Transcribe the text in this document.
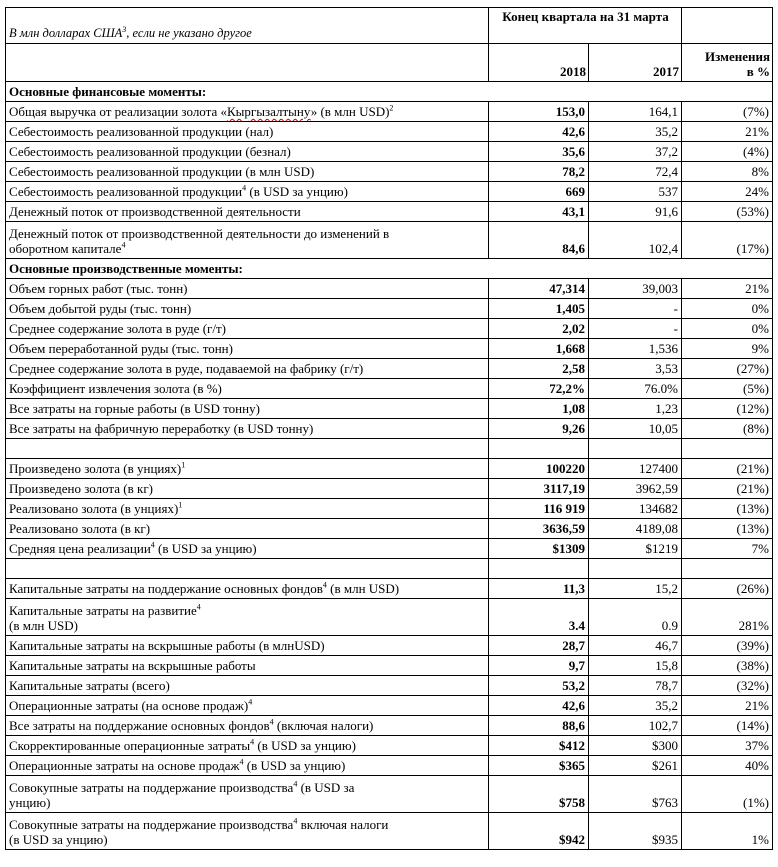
В млн долларах США$^3$, если не указано другое	Конец квартала на 31 марта		
	2018	2017	Изменения
в %

Основные финансовые моменты:			

Общая выручка от реализации золота «Кыргызалтыну» (в млн USD)$^2$	153,0	164,1	(7%)

Себестоимость реализованной продукции (нал)	42,6	35,2	21%

Себестоимость реализованной продукции (безнал)	35,6	37,2	(4%)

Себестоимость реализованной продукции (в млн USD)	78,2	72,4	8%

Себестоимость реализованной продукции$^4$ (в USD за унцию)	669	537	24%

Денежный поток от производственной деятельности	43,1	91,6	(53%)

Денежный поток от производственной деятельности до изменений в
оборотном капитале$^4$	84,6	102,4	(17%)
Основные производственные моменты:			

Объем горных работ (тыс. тонн)	47,314	39,003	21%

Объем добытой руды (тыс. тонн)	1,405	-	0%

Среднее содержание золота в руде (г/т)	2,02	-	0%

Объем переработанной руды (тыс. тонн)	1,668	1,536	9%

Среднее содержание золота в руде, подаваемой на фабрику (г/т)	2,58	3,53	(27%)

Коэффициент извлечения золота (в %)	72,2%	76.0%	(5%)

Все затраты на горные работы (в USD тонну)	1,08	1,23	(12%)

Все затраты на фабричную переработку (в USD тонну)	9,26	10,05	(8%)

Произведено золота (в унциях)$^1$	100220	127400	(21%)

Произведено золота (в кг)	3117,19	3962,59	(21%)

Реализовано золота (в унциях)$^1$	116 919	134682	(13%)

Реализовано золота (в кг)	3636,59	4189,08	(13%)

Средняя цена реализации$^4$ (в USD за унцию)	$1309	$1219	7%

Капитальные затраты на поддержание основных фондов$^4$ (в млн USD)	11,3	15,2	(26%)

Капитальные затраты на развитие$^4$
(в млн USD)	3.4	0.9	281%

Капитальные затраты на вскрышные работы (в млнUSD)	28,7	46,7	(39%)

Капитальные затраты на вскрышные работы	9,7	15,8	(38%)

Капитальные затраты (всего)	53,2	78,7	(32%)

Операционные затраты (на основе продаж)$^4$	42,6	35,2	21%

Все затраты на поддержание основных фондов$^4$ (включая налоги)	88,6	102,7	(14%)

Скорректированные операционные затраты$^4$ (в USD за унцию)	$412	$300	37%

Операционные затраты на основе продаж$^4$ (в USD за унцию)	$365	$261	40%

Совокупные затраты на поддержание производства$^4$ (в USD за
унцию)	$758	$763	(1%)

Совокупные затраты на поддержание производства$^4$ включая налоги
(в USD за унцию)	$942	$935	1%
